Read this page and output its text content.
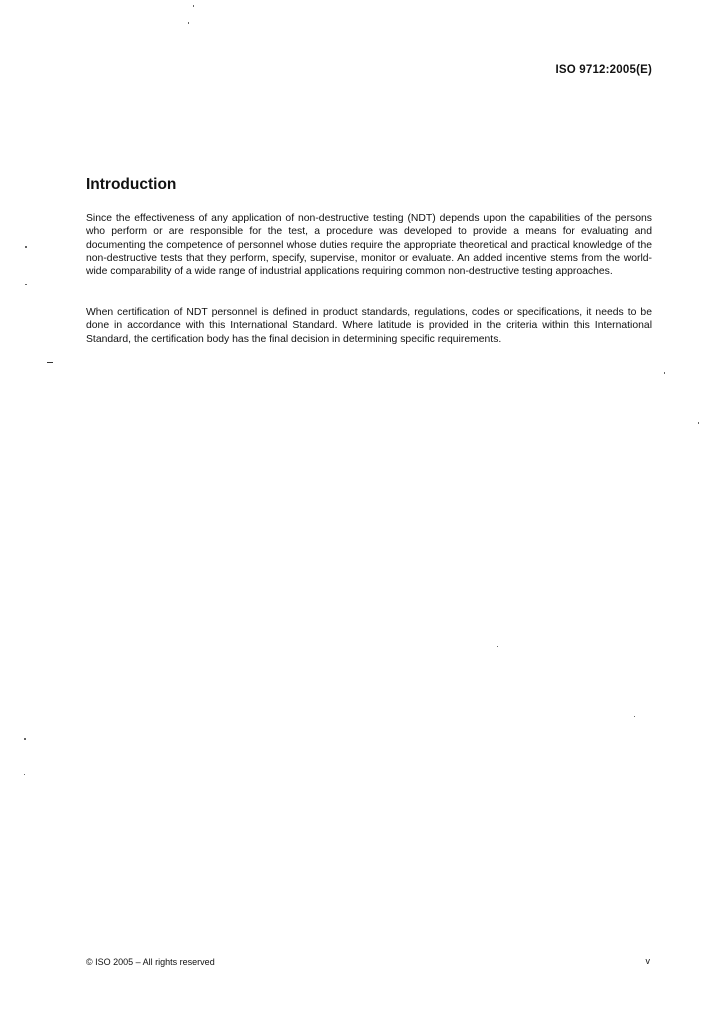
ISO 9712:2005(E)
Introduction

Since the effectiveness of any application of non-destructive testing (NDT) depends upon the capabilities of the persons who perform or are responsible for the test, a procedure was developed to provide a means for evaluating and documenting the competence of personnel whose duties require the appropriate theoretical and practical knowledge of the non-destructive tests that they perform, specify, supervise, monitor or evaluate. An added incentive stems from the world-wide comparability of a wide range of industrial applications requiring common non-destructive testing approaches.

When certification of NDT personnel is defined in product standards, regulations, codes or specifications, it needs to be done in accordance with this International Standard. Where latitude is provided in the criteria within this International Standard, the certification body has the final decision in determining specific requirements.

© ISO 2005 – All rights reserved	v
